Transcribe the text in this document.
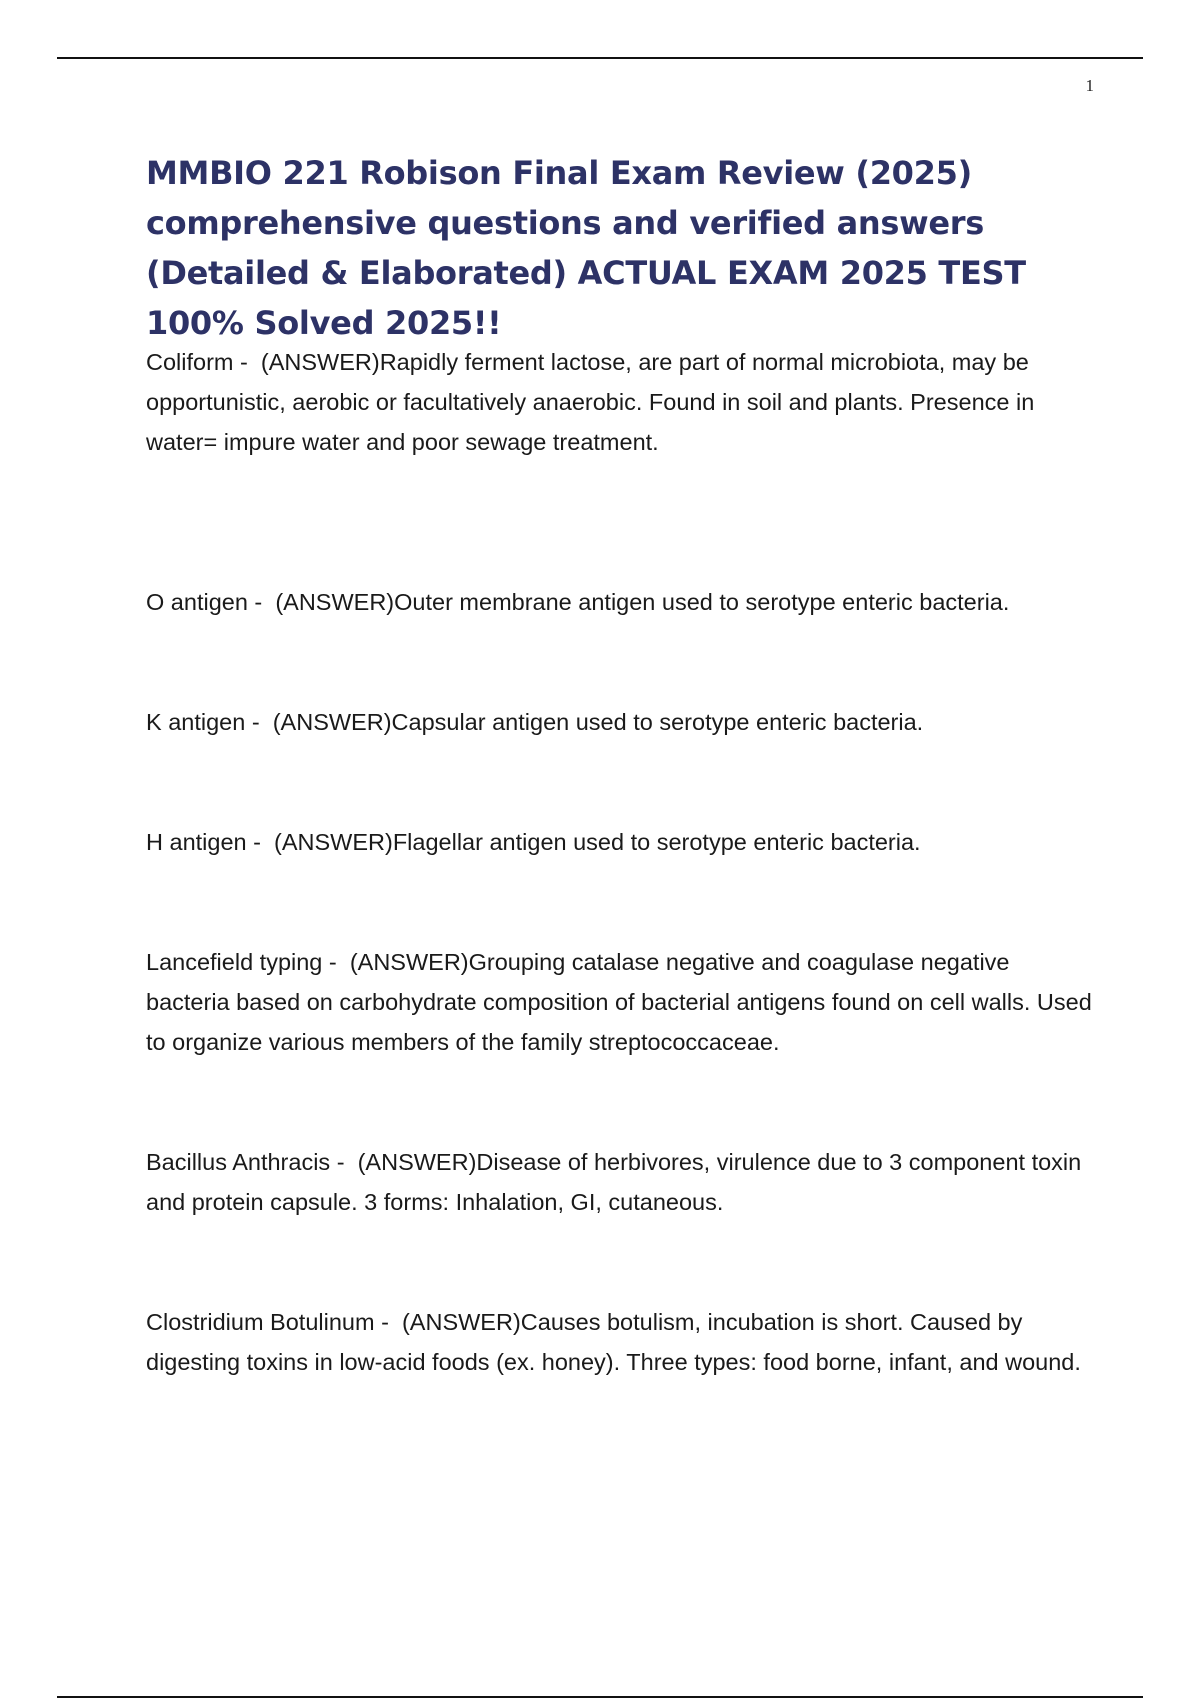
1
MMBIO 221 Robison Final Exam Review (2025) comprehensive questions and verified answers (Detailed & Elaborated) ACTUAL EXAM 2025 TEST 100% Solved 2025!!

Coliform -  (ANSWER)Rapidly ferment lactose, are part of normal microbiota, may be opportunistic, aerobic or facultatively anaerobic. Found in soil and plants. Presence in water= impure water and poor sewage treatment.

O antigen -  (ANSWER)Outer membrane antigen used to serotype enteric bacteria.

K antigen -  (ANSWER)Capsular antigen used to serotype enteric bacteria.

H antigen -  (ANSWER)Flagellar antigen used to serotype enteric bacteria.

Lancefield typing -  (ANSWER)Grouping catalase negative and coagulase negative bacteria based on carbohydrate composition of bacterial antigens found on cell walls. Used to organize various members of the family streptococcaceae.

Bacillus Anthracis -  (ANSWER)Disease of herbivores, virulence due to 3 component toxin and protein capsule. 3 forms: Inhalation, GI, cutaneous.

Clostridium Botulinum -  (ANSWER)Causes botulism, incubation is short. Caused by digesting toxins in low-acid foods (ex. honey). Three types: food borne, infant, and wound.
